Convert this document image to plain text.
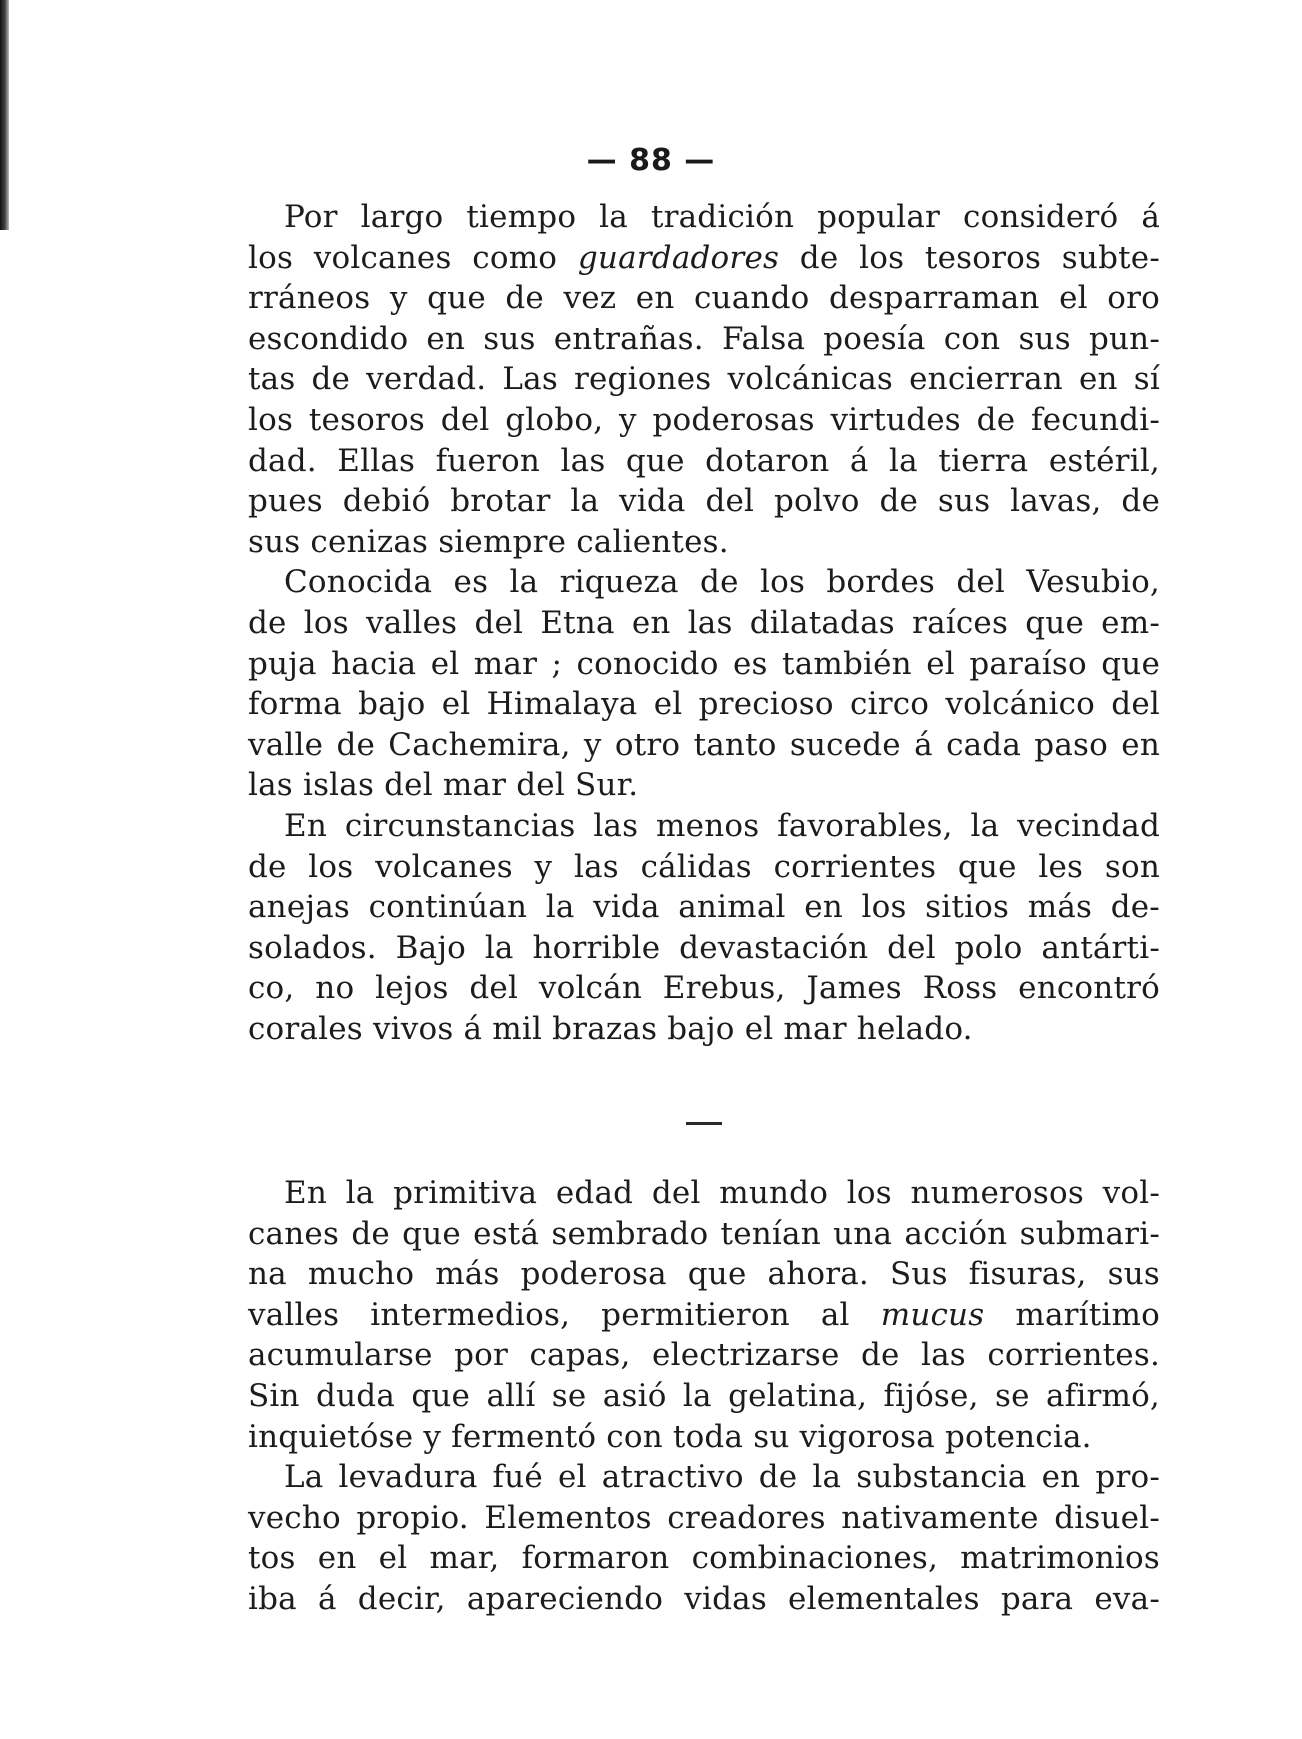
— 88 —
Por largo tiempo la tradición popular consideró á
los volcanes como guardadores de los tesoros subte-
rráneos y que de vez en cuando desparraman el oro
escondido en sus entrañas. Falsa poesía con sus pun-
tas de verdad. Las regiones volcánicas encierran en sí
los tesoros del globo, y poderosas virtudes de fecundi-
dad. Ellas fueron las que dotaron á la tierra estéril,
pues debió brotar la vida del polvo de sus lavas, de
sus cenizas siempre calientes.
Conocida es la riqueza de los bordes del Vesubio,
de los valles del Etna en las dilatadas raíces que em-
puja hacia el mar ; conocido es también el paraíso que
forma bajo el Himalaya el precioso circo volcánico del
valle de Cachemira, y otro tanto sucede á cada paso en
las islas del mar del Sur.
En circunstancias las menos favorables, la vecindad
de los volcanes y las cálidas corrientes que les son
anejas continúan la vida animal en los sitios más de-
solados. Bajo la horrible devastación del polo antárti-
co, no lejos del volcán Erebus, James Ross encontró
corales vivos á mil brazas bajo el mar helado.
En la primitiva edad del mundo los numerosos vol-
canes de que está sembrado tenían una acción submari-
na mucho más poderosa que ahora. Sus fisuras, sus
valles intermedios, permitieron al mucus marítimo
acumularse por capas, electrizarse de las corrientes.
Sin duda que allí se asió la gelatina, fijóse, se afirmó,
inquietóse y fermentó con toda su vigorosa potencia.
La levadura fué el atractivo de la substancia en pro-
vecho propio. Elementos creadores nativamente disuel-
tos en el mar, formaron combinaciones, matrimonios
iba á decir, apareciendo vidas elementales para eva-
